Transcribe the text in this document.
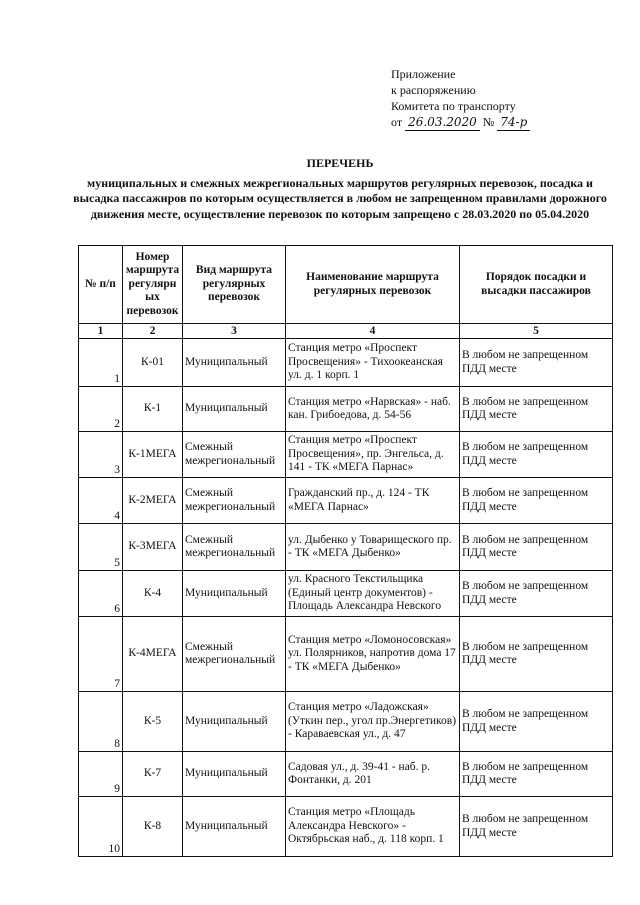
Приложение
к распоряжению
Комитета по транспорту
от 26.03.2020 № 74-р
ПЕРЕЧЕНЬ
муниципальных и смежных межрегиональных маршрутов регулярных перевозок, посадка и высадка пассажиров по которым осуществляется в любом не запрещенном правилами дорожного движения месте, осуществление перевозок по которым запрещено с 28.03.2020 по 05.04.2020
№ п/п	Номер маршрута регулярн ых перевозок	Вид маршрута регулярных перевозок	Наименование маршрута регулярных перевозок	Порядок посадки и высадки пассажиров
1	2	3	4	5
1	К-01	Муниципальный	Станция метро «Проспект Просвещения» - Тихоокеанская ул. д. 1 корп. 1	В любом не запрещенном ПДД месте
2	К-1	Муниципальный	Станция метро «Нарвская» - наб. кан. Грибоедова, д. 54-56	В любом не запрещенном ПДД месте
3	К-1МЕГА	Смежный межрегиональный	Станция метро «Проспект Просвещения», пр. Энгельса, д. 141 - ТК «МЕГА Парнас»	В любом не запрещенном ПДД месте
4	К-2МЕГА	Смежный межрегиональный	Гражданский пр., д. 124 - ТК «МЕГА Парнас»	В любом не запрещенном ПДД месте
5	К-3МЕГА	Смежный межрегиональный	ул. Дыбенко у Товарищеского пр. - ТК «МЕГА Дыбенко»	В любом не запрещенном ПДД месте
6	К-4	Муниципальный	ул. Красного Текстильщика (Единый центр документов) - Площадь Александра Невского	В любом не запрещенном ПДД месте
7	К-4МЕГА	Смежный межрегиональный	Станция метро «Ломоносовская» ул. Полярников, напротив дома 17 - ТК «МЕГА Дыбенко»	В любом не запрещенном ПДД месте
8	К-5	Муниципальный	Станция метро «Ладожская» (Уткин пер., угол пр.Энергетиков) - Караваевская ул., д. 47	В любом не запрещенном ПДД месте
9	К-7	Муниципальный	Садовая ул., д. 39-41 - наб. р. Фонтанки, д. 201	В любом не запрещенном ПДД месте
10	К-8	Муниципальный	Станция метро «Площадь Александра Невского» - Октябрьская наб., д. 118 корп. 1	В любом не запрещенном ПДД месте
